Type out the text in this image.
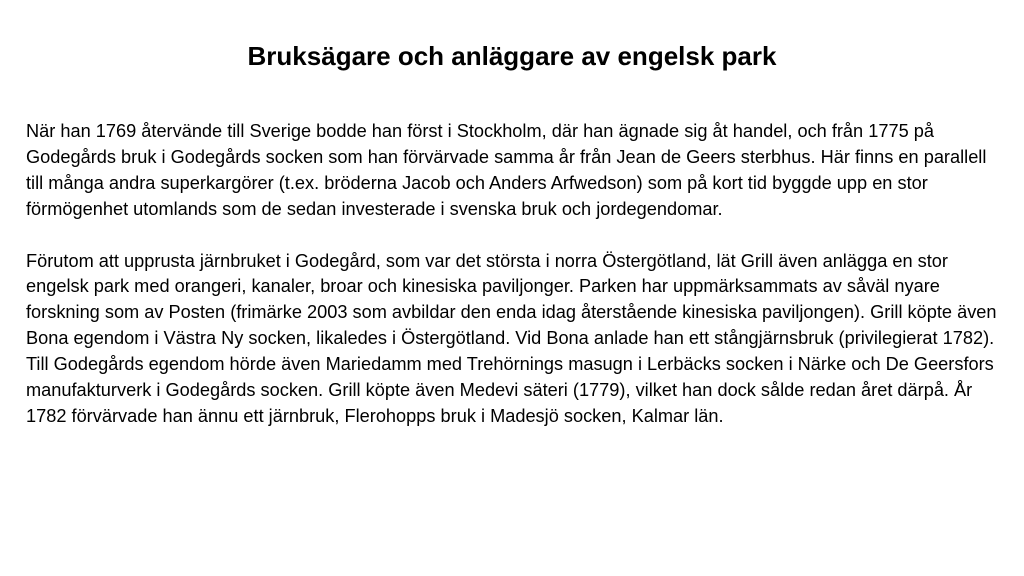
Bruksägare och anläggare av engelsk park

När han 1769 återvände till Sverige bodde han först i Stockholm, där han ägnade sig åt handel, och från 1775 på Godegårds bruk i Godegårds socken som han förvärvade samma år från Jean de Geers sterbhus. Här finns en parallell till många andra superkargörer (t.ex. bröderna Jacob och Anders Arfwedson) som på kort tid byggde upp en stor förmögenhet utomlands som de sedan investerade i svenska bruk och jordegendomar.

Förutom att upprusta järnbruket i Godegård, som var det största i norra Östergötland, lät Grill även anlägga en stor engelsk park med orangeri, kanaler, broar och kinesiska paviljonger. Parken har uppmärksammats av såväl nyare forskning som av Posten (frimärke 2003 som avbildar den enda idag återstående kinesiska paviljongen). Grill köpte även Bona egendom i Västra Ny socken, likaledes i Östergötland. Vid Bona anlade han ett stångjärnsbruk (privilegierat 1782). Till Godegårds egendom hörde även Mariedamm med Trehörnings masugn i Lerbäcks socken i Närke och De Geersfors manufakturverk i Godegårds socken. Grill köpte även Medevi säteri (1779), vilket han dock sålde redan året därpå. År 1782 förvärvade han ännu ett järnbruk, Flerohopps bruk i Madesjö socken, Kalmar län.
